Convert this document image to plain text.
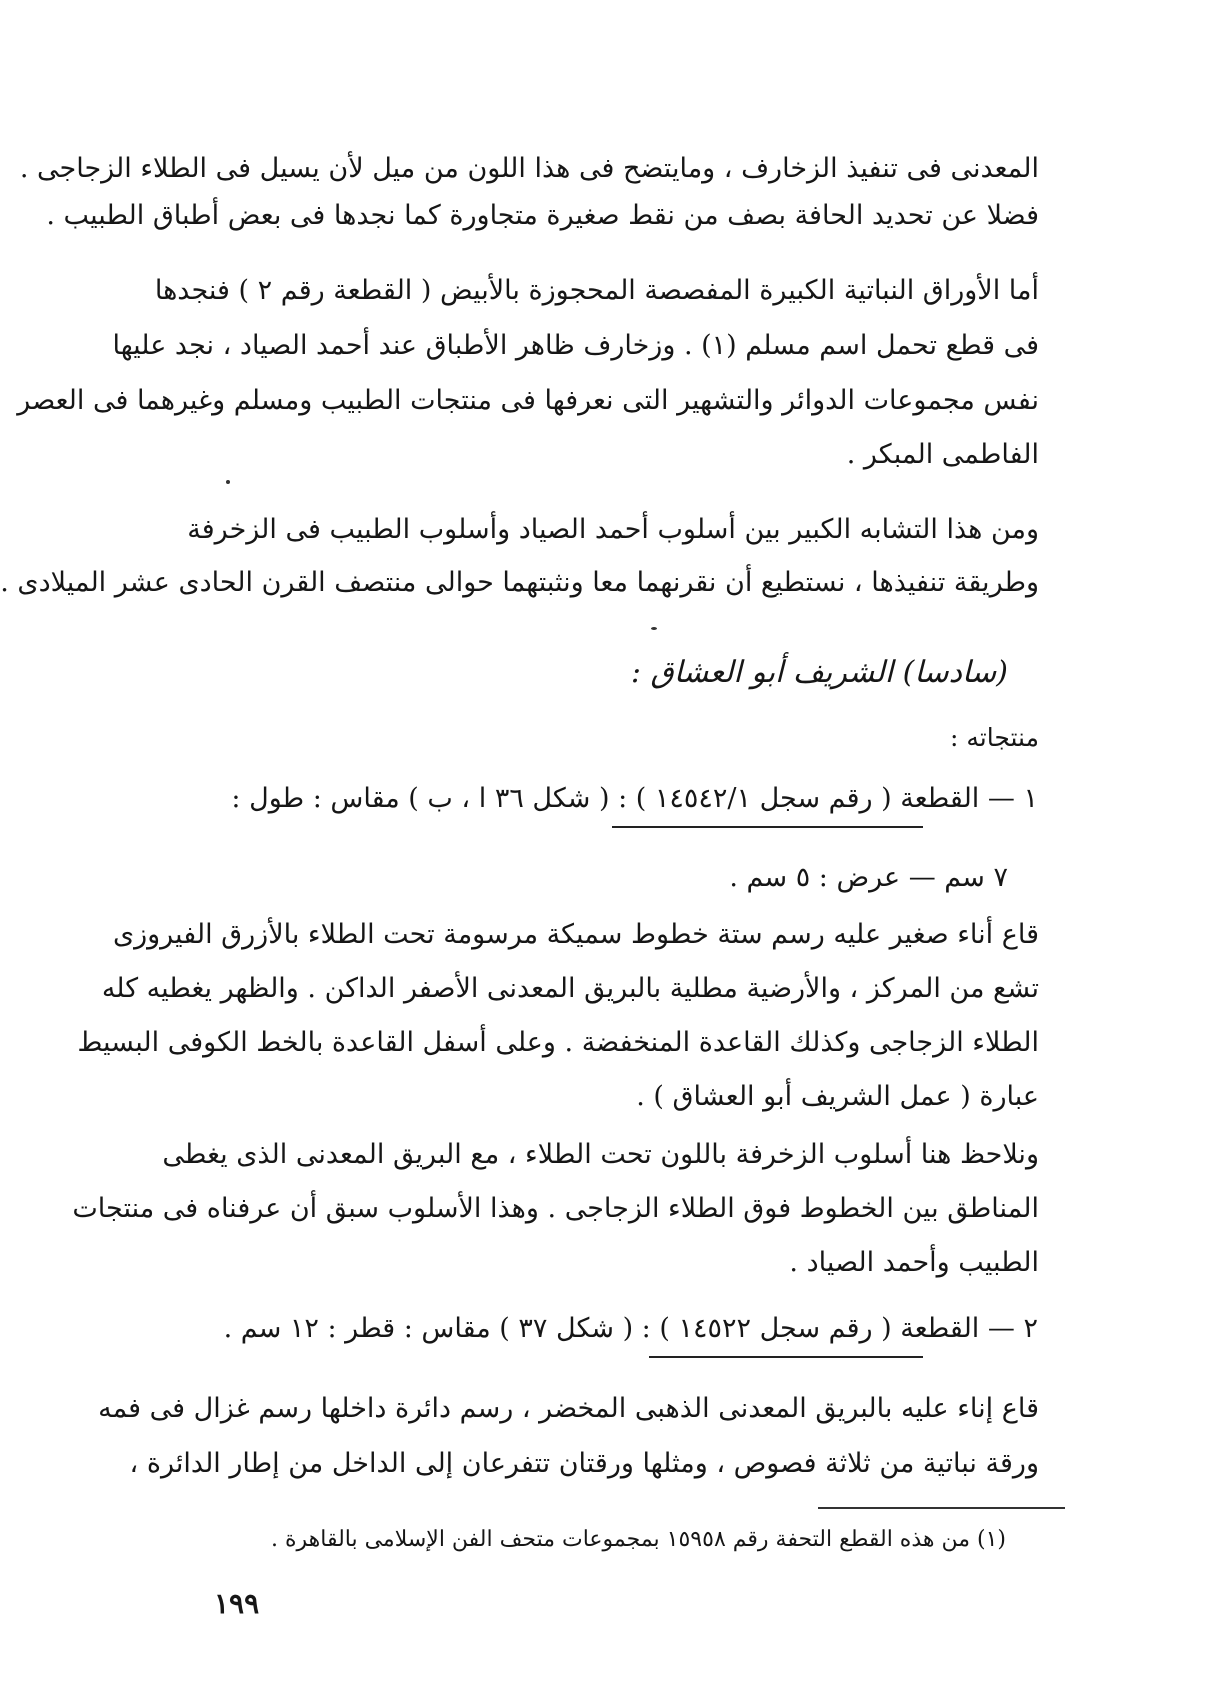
المعدنى فى تنفيذ الزخارف ، ومايتضح فى هذا اللون من ميل لأن يسيل فى الطلاء الزجاجى .
فضلا عن تحديد الحافة بصف من نقط صغيرة متجاورة كما نجدها فى بعض أطباق الطبيب .
أما الأوراق النباتية الكبيرة المفصصة المحجوزة بالأبيض ( القطعة رقم ٢ ) فنجدها
فى قطع تحمل اسم مسلم (١) . وزخارف ظاهر الأطباق عند أحمد الصياد ، نجد عليها
نفس مجموعات الدوائر والتشهير التى نعرفها فى منتجات الطبيب ومسلم وغيرهما فى العصر
الفاطمى المبكر .
ومن هذا التشابه الكبير بين أسلوب أحمد الصياد وأسلوب الطبيب فى الزخرفة
وطريقة تنفيذها ، نستطيع أن نقرنهما معا ونثبتهما حوالى منتصف القرن الحادى عشر الميلادى .
(سادسا) الشريف أبو العشاق :
منتجاته :
١ — القطعة ( رقم سجل ١٤٥٤٢/١ ) : ( شكل ٣٦ ا ، ب ) مقاس : طول :
٧ سم — عرض : ٥ سم .
قاع أناء صغير عليه رسم ستة خطوط سميكة مرسومة تحت الطلاء بالأزرق الفيروزى
تشع من المركز ، والأرضية مطلية بالبريق المعدنى الأصفر الداكن . والظهر يغطيه كله
الطلاء الزجاجى وكذلك القاعدة المنخفضة . وعلى أسفل القاعدة بالخط الكوفى البسيط
عبارة ( عمل الشريف أبو العشاق ) .
ونلاحظ هنا أسلوب الزخرفة باللون تحت الطلاء ، مع البريق المعدنى الذى يغطى
المناطق بين الخطوط فوق الطلاء الزجاجى . وهذا الأسلوب سبق أن عرفناه فى منتجات
الطبيب وأحمد الصياد .
٢ — القطعة ( رقم سجل ١٤٥٢٢ ) : ( شكل ٣٧ ) مقاس : قطر : ١٢ سم .
قاع إناء عليه بالبريق المعدنى الذهبى المخضر ، رسم دائرة داخلها رسم غزال فى فمه
ورقة نباتية من ثلاثة فصوص ، ومثلها ورقتان تتفرعان إلى الداخل من إطار الدائرة ،
(١) من هذه القطع التحفة رقم ١٥٩٥٨ بمجموعات متحف الفن الإسلامى بالقاهرة .
١٩٩
